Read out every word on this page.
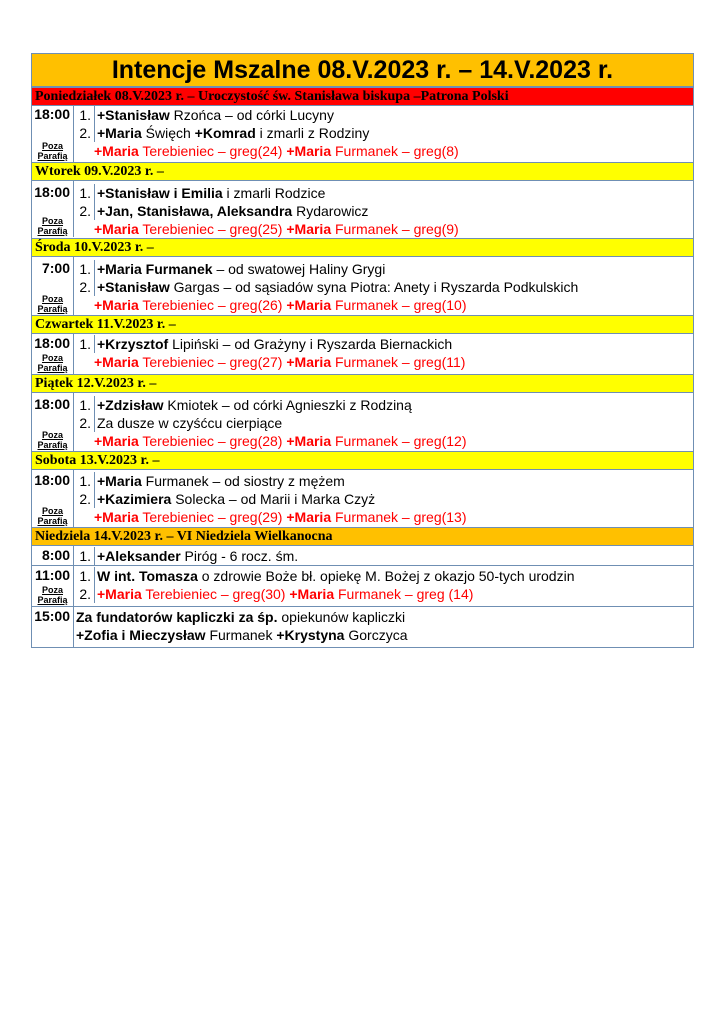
Intencje Mszalne 08.V.2023 r. – 14.V.2023 r.
Poniedziałek 08.V.2023 r. – Uroczystość św. Stanisława biskupa –Patrona Polski
18:00
Poza
Parafią
1. +Stanisław Rzońca – od córki Lucyny
2. +Maria Święch +Komrad i zmarli z Rodziny
+Maria Terebieniec – greg(24) +Maria Furmanek – greg(8)
Wtorek 09.V.2023 r. –
18:00
Poza
Parafią
1. +Stanisław i Emilia i zmarli Rodzice
2. +Jan, Stanisława, Aleksandra Rydarowicz
+Maria Terebieniec – greg(25) +Maria Furmanek – greg(9)
Środa 10.V.2023 r. –
7:00
Poza
Parafią
1. +Maria Furmanek – od swatowej Haliny Grygi
2. +Stanisław Gargas – od sąsiadów syna Piotra: Anety i Ryszarda Podkulskich
+Maria Terebieniec – greg(26) +Maria Furmanek – greg(10)
Czwartek 11.V.2023 r. –
18:00
Poza
Parafią
1. +Krzysztof Lipiński – od Grażyny i Ryszarda Biernackich
+Maria Terebieniec – greg(27) +Maria Furmanek – greg(11)
Piątek 12.V.2023 r. –
18:00
Poza
Parafią
1. +Zdzisław Kmiotek – od córki Agnieszki z Rodziną
2. Za dusze w czyśćcu cierpiące
+Maria Terebieniec – greg(28) +Maria Furmanek – greg(12)
Sobota 13.V.2023 r. –
18:00
Poza
Parafią
1. +Maria Furmanek – od siostry z mężem
2. +Kazimiera Solecka – od Marii i Marka Czyż
+Maria Terebieniec – greg(29) +Maria Furmanek – greg(13)
Niedziela 14.V.2023 r. – VI Niedziela Wielkanocna
8:00 1. +Aleksander Piróg - 6 rocz. śm.
11:00
Poza
Parafią
1. W int. Tomasza o zdrowie Boże bł. opiekę M. Bożej z okazjo 50-tych urodzin
2. +Maria Terebieniec – greg(30) +Maria Furmanek – greg (14)
15:00 Za fundatorów kapliczki za śp. opiekunów kapliczki
+Zofia i Mieczysław Furmanek +Krystyna Gorczyca
